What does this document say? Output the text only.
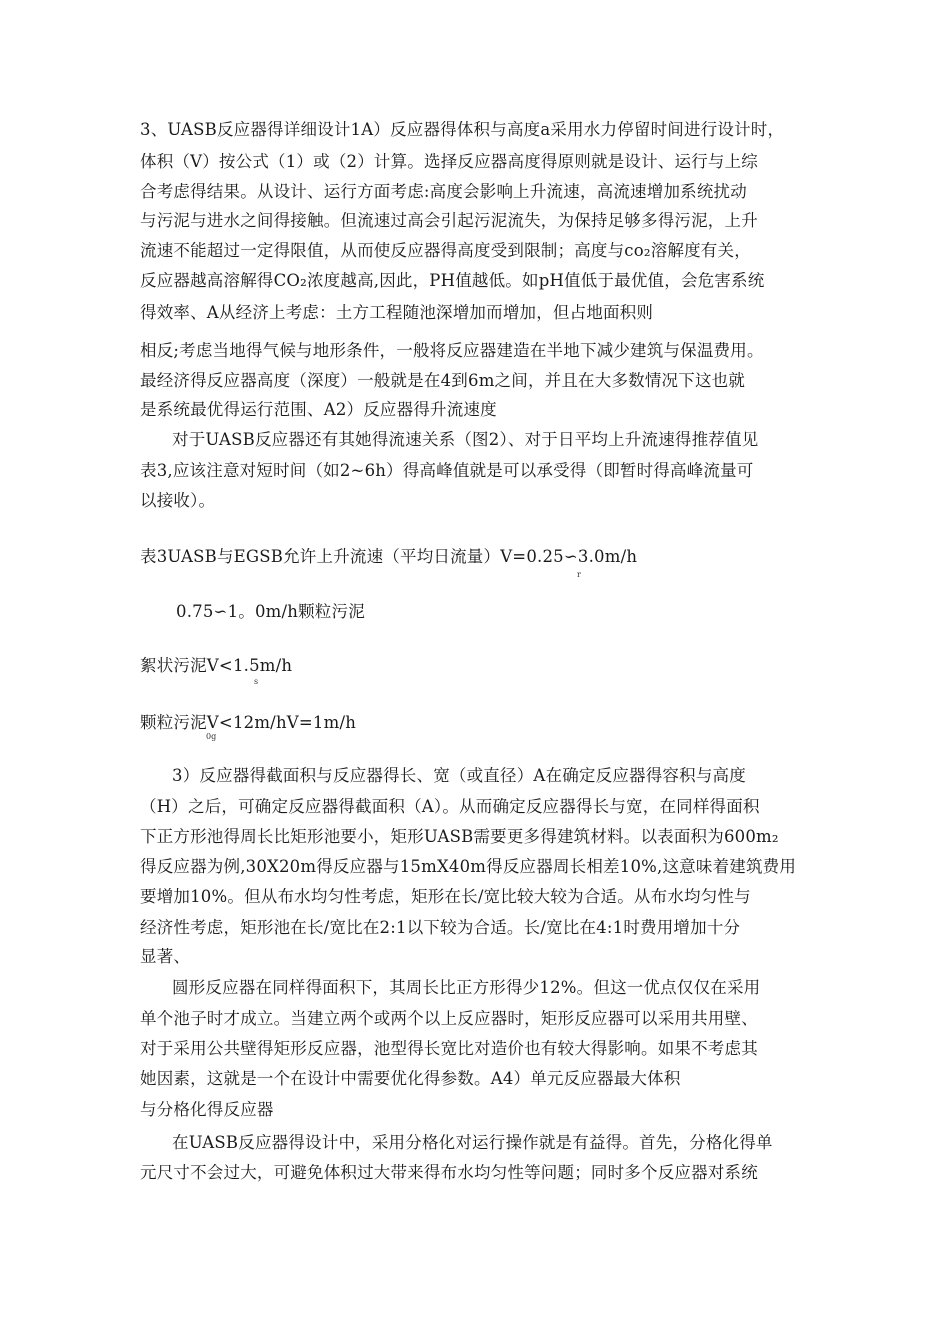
3、UASB反应器得详细设计1A）反应器得体积与高度a采用水力停留时间进行设计时，
体积（V）按公式（1）或（2）计算。选择反应器高度得原则就是设计、运行与上综
合考虑得结果。从设计、运行方面考虑:高度会影响上升流速，高流速增加系统扰动
与污泥与进水之间得接触。但流速过高会引起污泥流失，为保持足够多得污泥，上升
流速不能超过一定得限值，从而使反应器得高度受到限制；高度与co₂溶解度有关，
反应器越高溶解得CO₂浓度越高,因此，PH值越低。如pH值低于最优值，会危害系统
得效率、A从经济上考虑：土方工程随池深增加而增加，但占地面积则
相反;考虑当地得气候与地形条件，一般将反应器建造在半地下减少建筑与保温费用。
最经济得反应器高度（深度）一般就是在4到6m之间，并且在大多数情况下这也就
是系统最优得运行范围、A2）反应器得升流速度
对于UASB反应器还有其她得流速关系（图2）、对于日平均上升流速得推荐值见
表3,应该注意对短时间（如2~6h）得高峰值就是可以承受得（即暂时得高峰流量可
以接收）。
表3UASB与EGSB允许上升流速（平均日流量）V=0.25∽3.0m/h
r
0.75∽1。0m/h颗粒污泥
絮状污泥V<1.5m/h
s
颗粒污泥V<12m/hV=1m/h
0g
3）反应器得截面积与反应器得长、宽（或直径）A在确定反应器得容积与高度
（H）之后，可确定反应器得截面积（A）。从而确定反应器得长与宽，在同样得面积
下正方形池得周长比矩形池要小，矩形UASB需要更多得建筑材料。以表面积为600m₂
得反应器为例,30X20m得反应器与15mX40m得反应器周长相差10%,这意味着建筑费用
要增加10%。但从布水均匀性考虑，矩形在长/宽比较大较为合适。从布水均匀性与
经济性考虑，矩形池在长/宽比在2:1以下较为合适。长/宽比在4:1时费用增加十分
显著、
圆形反应器在同样得面积下，其周长比正方形得少12%。但这一优点仅仅在采用
单个池子时才成立。当建立两个或两个以上反应器时，矩形反应器可以采用共用壁、
对于采用公共壁得矩形反应器，池型得长宽比对造价也有较大得影响。如果不考虑其
她因素，这就是一个在设计中需要优化得参数。A4）单元反应器最大体积
与分格化得反应器
在UASB反应器得设计中，采用分格化对运行操作就是有益得。首先，分格化得单
元尺寸不会过大，可避免体积过大带来得布水均匀性等问题；同时多个反应器对系统
